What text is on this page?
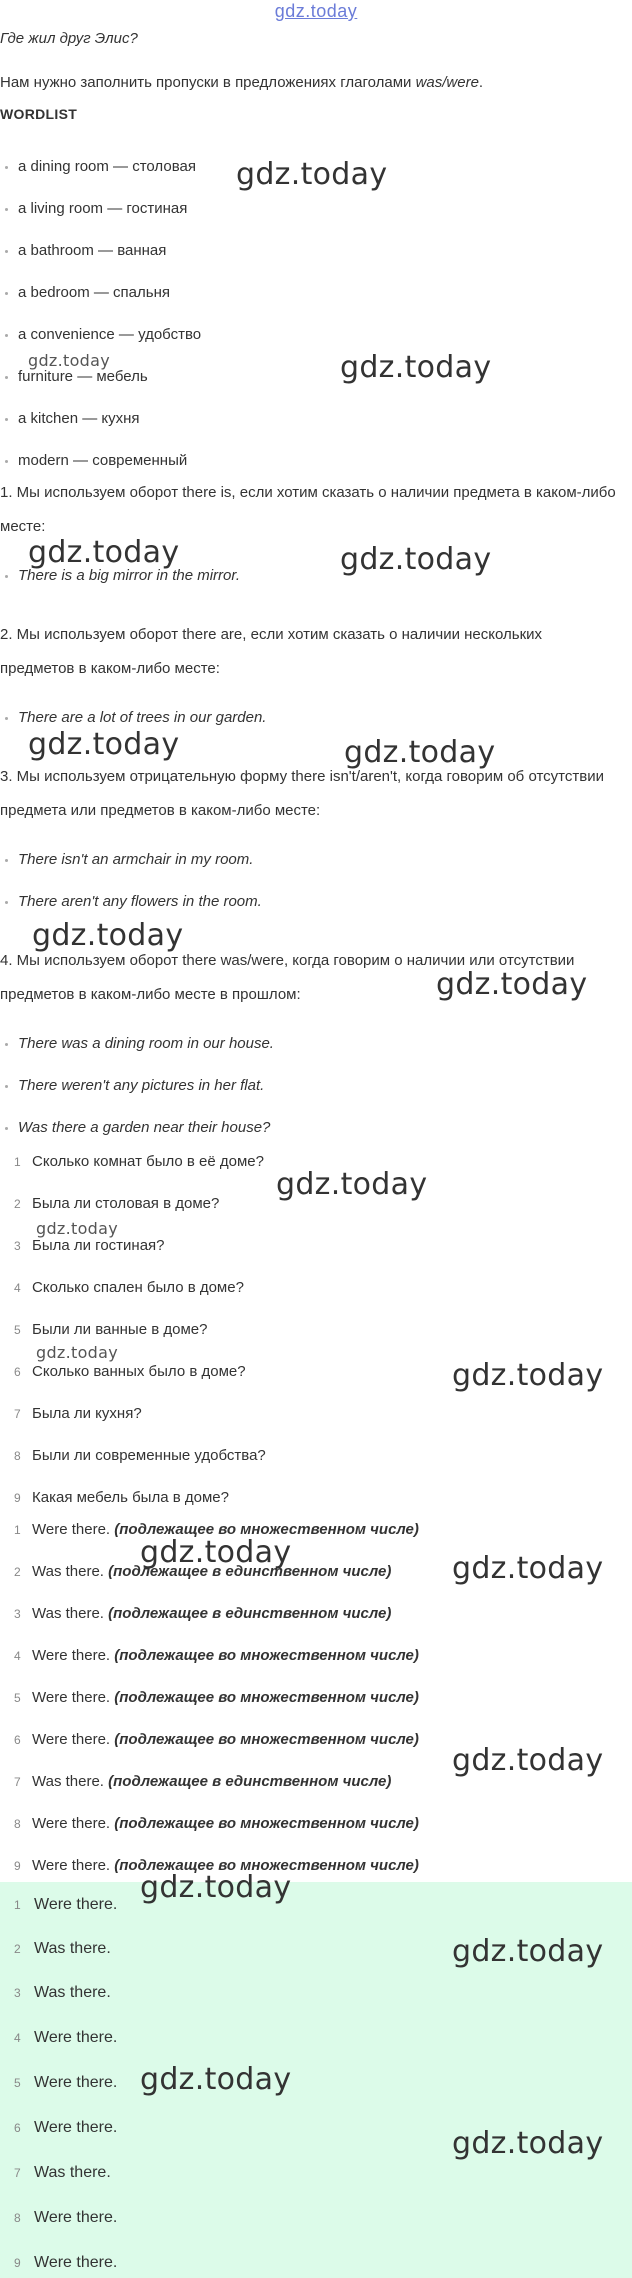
gdz.today
Где жил друг Элис?
Нам нужно заполнить пропуски в предложениях глаголами was/were.
WORDLIST
a dining room — столовая
a living room — гостиная
a bathroom — ванная
a bedroom — спальня
a convenience — удобство
furniture — мебель
a kitchen — кухня
modern — современный
1. Мы используем оборот there is, если хотим сказать о наличии предмета в каком-либо месте:
There is a big mirror in the mirror.
2. Мы используем оборот there are, если хотим сказать о наличии нескольких предметов в каком-либо месте:
There are a lot of trees in our garden.
3. Мы используем отрицательную форму there isn't/aren't, когда говорим об отсутствии предмета или предметов в каком-либо месте:
There isn't an armchair in my room.
There aren't any flowers in the room.
4. Мы используем оборот there was/were, когда говорим о наличии или отсутствии предметов в каком-либо месте в прошлом:
There was a dining room in our house.
There weren't any pictures in her flat.
Was there a garden near their house?
1 Сколько комнат было в её доме?
2 Была ли столовая в доме?
3 Была ли гостиная?
4 Сколько спален было в доме?
5 Были ли ванные в доме?
6 Сколько ванных было в доме?
7 Была ли кухня?
8 Были ли современные удобства?
9 Какая мебель была в доме?
1 Were there. (подлежащее во множественном числе)
2 Was there. (подлежащее в единственном числе)
3 Was there. (подлежащее в единственном числе)
4 Were there. (подлежащее во множественном числе)
5 Were there. (подлежащее во множественном числе)
6 Were there. (подлежащее во множественном числе)
7 Was there. (подлежащее в единственном числе)
8 Were there. (подлежащее во множественном числе)
9 Were there. (подлежащее во множественном числе)
1 Were there.
2 Was there.
3 Was there.
4 Were there.
5 Were there.
6 Were there.
7 Was there.
8 Were there.
9 Were there.
gdz.today
gdz.today	gdz.today
gdz.today	gdz.today
gdz.today	gdz.today
gdz.today
gdz.today
gdz.today
gdz.today
gdz.today
gdz.today
gdz.today	gdz.today
gdz.today
gdz.today
gdz.today
gdz.today
gdz.today
